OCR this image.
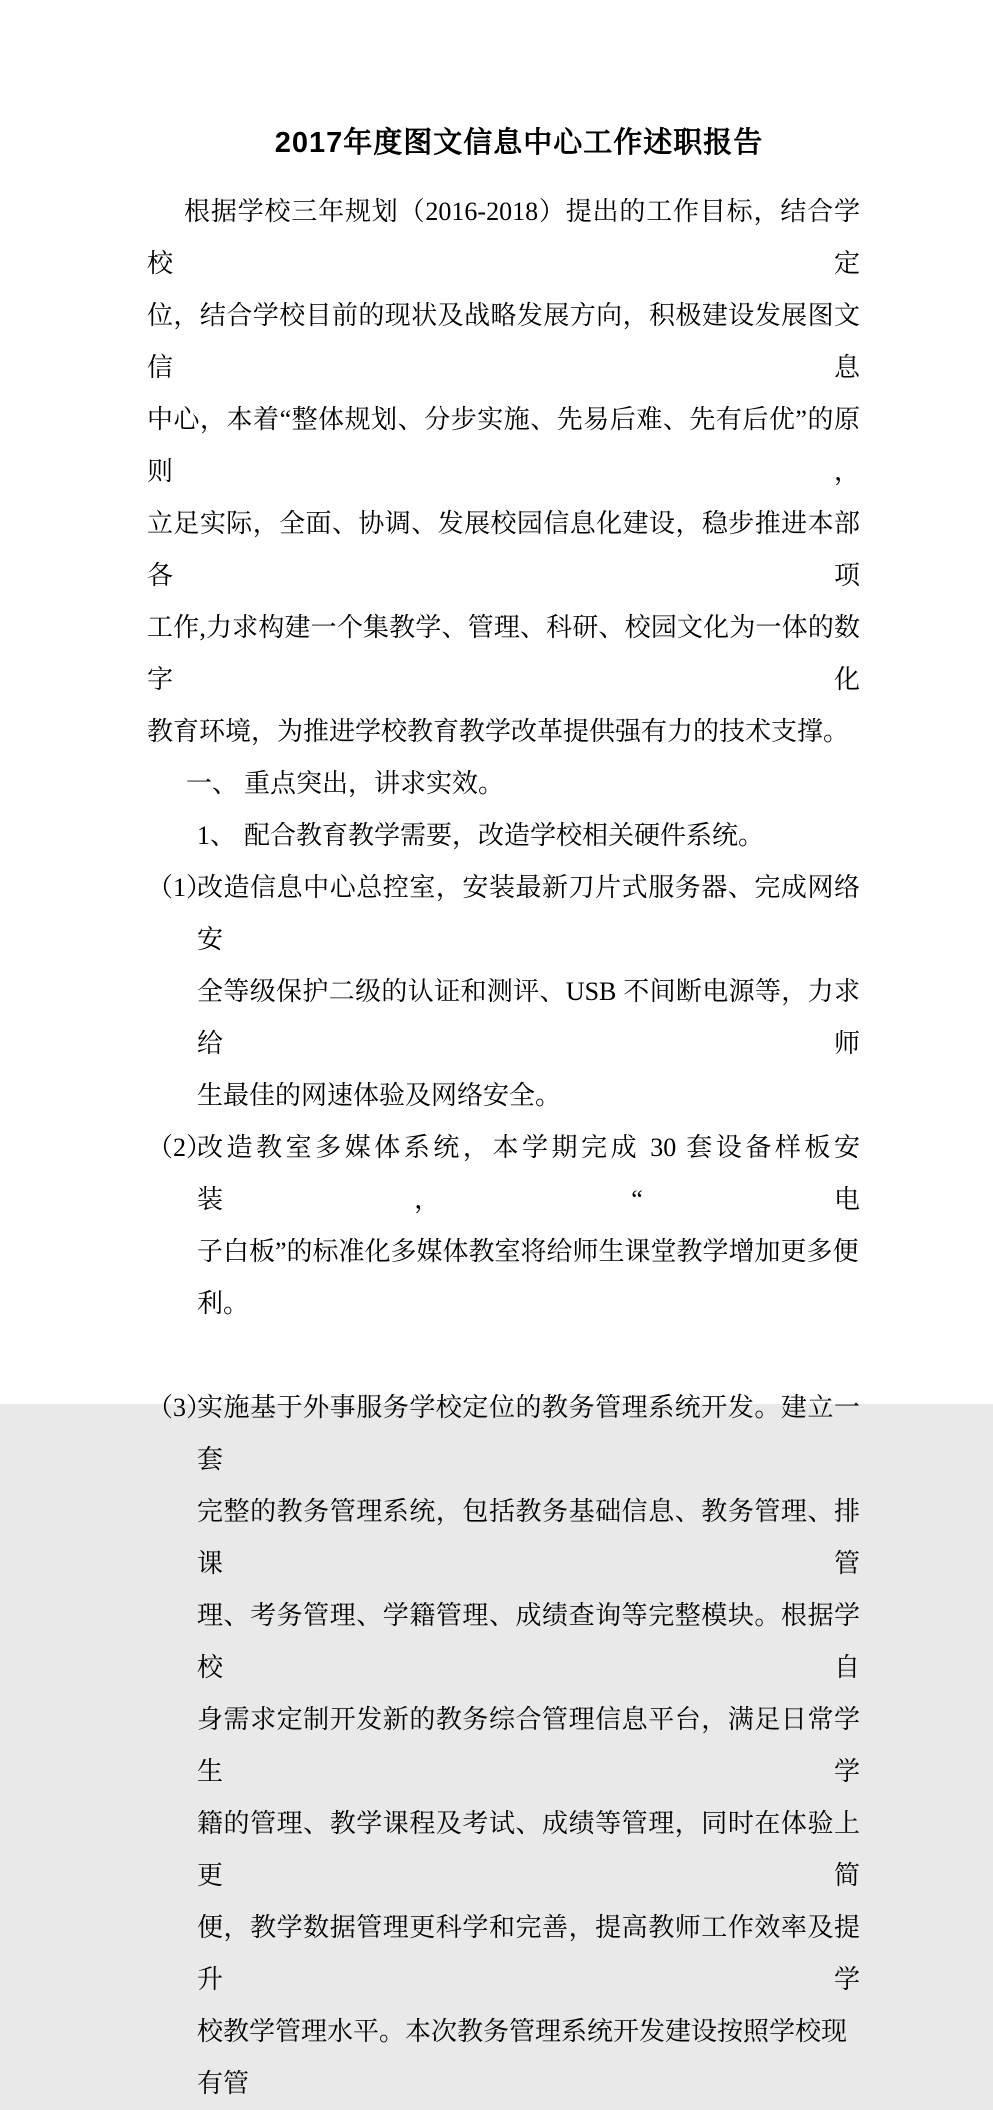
2017年度图文信息中心工作述职报告
根据学校三年规划（2016-2018）提出的工作目标，结合学校定
位，结合学校目前的现状及战略发展方向，积极建设发展图文信息
中心，本着“整体规划、分步实施、先易后难、先有后优”的原则，
立足实际，全面、协调、发展校园信息化建设，稳步推进本部各项
工作,力求构建一个集教学、管理、科研、校园文化为一体的数字化
教育环境，为推进学校教育教学改革提供强有力的技术支撑。
一、 重点突出，讲求实效。
1、 配合教育教学需要，改造学校相关硬件系统。
（1）
改造信息中心总控室，安装最新刀片式服务器、完成网络安
全等级保护二级的认证和测评、USB 不间断电源等，力求给师
生最佳的网速体验及网络安全。
（2）
改造教室多媒体系统，本学期完成 30 套设备样板安装，“电
子白板”的标准化多媒体教室将给师生课堂教学增加更多便利。
（3）
实施基于外事服务学校定位的教务管理系统开发。建立一套
完整的教务管理系统，包括教务基础信息、教务管理、排课管
理、考务管理、学籍管理、成绩查询等完整模块。根据学校自
身需求定制开发新的教务综合管理信息平台，满足日常学生学
籍的管理、教学课程及考试、成绩等管理，同时在体验上更简
便，教学数据管理更科学和完善，提高教师工作效率及提升学
校教学管理水平。本次教务管理系统开发建设按照学校现有管
